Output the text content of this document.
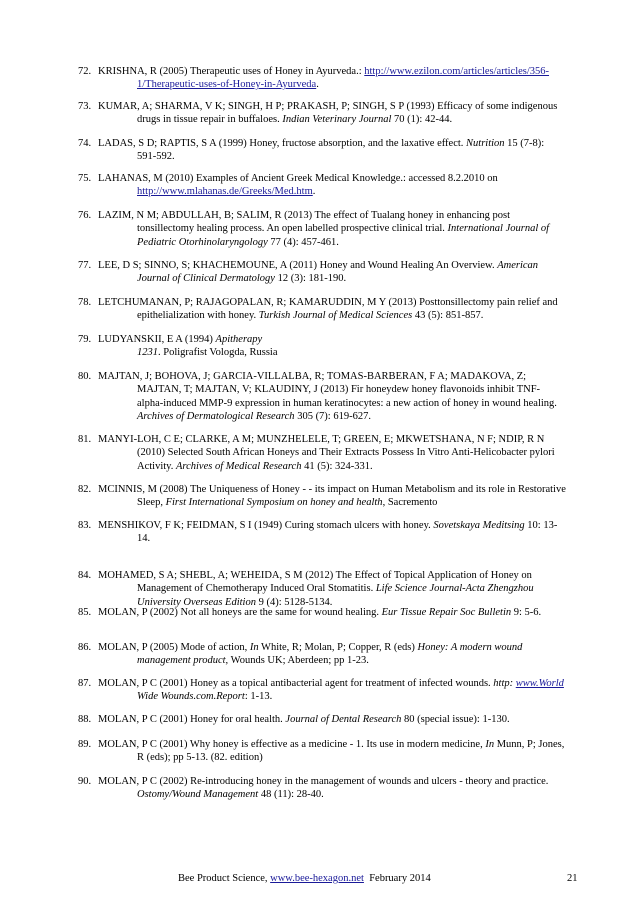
72. KRISHNA, R (2005) Therapeutic uses of Honey in Ayurveda.: http://www.ezilon.com/articles/articles/356-
1/Therapeutic-uses-of-Honey-in-Ayurveda.
73. KUMAR, A; SHARMA, V K; SINGH, H P; PRAKASH, P; SINGH, S P (1993) Efficacy of some indigenous
drugs in tissue repair in buffaloes. Indian Veterinary Journal 70 (1): 42-44.
74. LADAS, S D; RAPTIS, S A (1999) Honey, fructose absorption, and the laxative effect. Nutrition 15 (7-8):
591-592.
75. LAHANAS, M (2010) Examples of Ancient Greek Medical Knowledge.: accessed 8.2.2010 on
http://www.mlahanas.de/Greeks/Med.htm.
76. LAZIM, N M; ABDULLAH, B; SALIM, R (2013) The effect of Tualang honey in enhancing post
tonsillectomy healing process. An open labelled prospective clinical trial. International Journal of
Pediatric Otorhinolaryngology 77 (4): 457-461.
77. LEE, D S; SINNO, S; KHACHEMOUNE, A (2011) Honey and Wound Healing An Overview. American
Journal of Clinical Dermatology 12 (3): 181-190.
78. LETCHUMANAN, P; RAJAGOPALAN, R; KAMARUDDIN, M Y (2013) Posttonsillectomy pain relief and
epithelialization with honey. Turkish Journal of Medical Sciences 43 (5): 851-857.
79. LUDYANSKII, E A (1994) Apitherapy
1231. Poligrafist Vologda, Russia
80. MAJTAN, J; BOHOVA, J; GARCIA-VILLALBA, R; TOMAS-BARBERAN, F A; MADAKOVA, Z;
MAJTAN, T; MAJTAN, V; KLAUDINY, J (2013) Fir honeydew honey flavonoids inhibit TNF-
alpha-induced MMP-9 expression in human keratinocytes: a new action of honey in wound healing.
Archives of Dermatological Research 305 (7): 619-627.
81. MANYI-LOH, C E; CLARKE, A M; MUNZHELELE, T; GREEN, E; MKWETSHANA, N F; NDIP, R N
(2010) Selected South African Honeys and Their Extracts Possess In Vitro Anti-Helicobacter pylori
Activity. Archives of Medical Research 41 (5): 324-331.
82. MCINNIS, M (2008) The Uniqueness of Honey - - its impact on Human Metabolism and its role in Restorative
Sleep, First International Symposium on honey and health, Sacremento
83. MENSHIKOV, F K; FEIDMAN, S I (1949) Curing stomach ulcers with honey. Sovetskaya Meditsing 10: 13-
14.
84. MOHAMED, S A; SHEBL, A; WEHEIDA, S M (2012) The Effect of Topical Application of Honey on
Management of Chemotherapy Induced Oral Stomatitis. Life Science Journal-Acta Zhengzhou
University Overseas Edition 9 (4): 5128-5134.
85. MOLAN, P (2002) Not all honeys are the same for wound healing. Eur Tissue Repair Soc Bulletin 9: 5-6.
86. MOLAN, P (2005) Mode of action, In White, R; Molan, P; Copper, R (eds) Honey: A modern wound
management product, Wounds UK; Aberdeen; pp 1-23.
87. MOLAN, P C (2001) Honey as a topical antibacterial agent for treatment of infected wounds. http: www.World
Wide Wounds.com.Report: 1-13.
88. MOLAN, P C (2001) Honey for oral health. Journal of Dental Research 80 (special issue): 1-130.
89. MOLAN, P C (2001) Why honey is effective as a medicine - 1. Its use in modern medicine, In Munn, P; Jones,
R (eds); pp 5-13. (82. edition)
90. MOLAN, P C (2002) Re-introducing honey in the management of wounds and ulcers - theory and practice.
Ostomy/Wound Management 48 (11): 28-40.
Bee Product Science, www.bee-hexagon.net  February 2014	21
